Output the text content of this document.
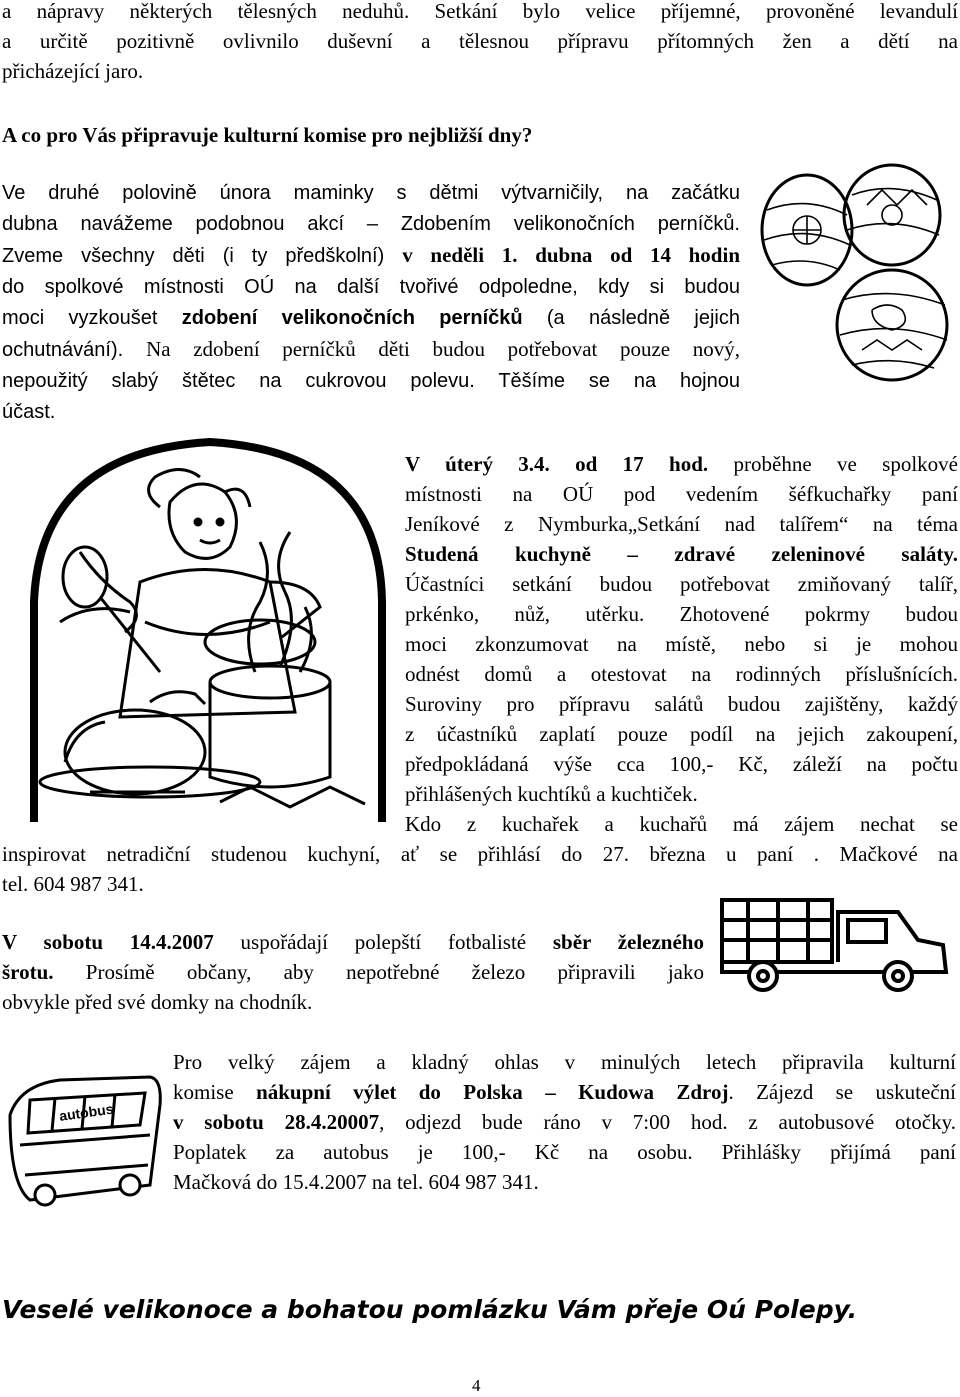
a nápravy některých tělesných neduhů. Setkání bylo velice příjemné, provoněné levandulí
a určitě pozitivně ovlivnilo duševní a tělesnou přípravu přítomných žen a dětí na
přicházející jaro.
A co pro Vás připravuje kulturní komise pro nejbližší dny?
Ve druhé polovině února maminky s dětmi výtvarničily, na začátku
dubna navážeme podobnou akcí – Zdobením velikonočních perníčků.
Zveme všechny děti (i ty předškolní) v neděli 1. dubna od 14 hodin
do spolkové místnosti OÚ na další tvořivé odpoledne, kdy si budou
moci vyzkoušet zdobení velikonočních perníčků (a následně jejich
ochutnávání). Na zdobení perníčků děti budou potřebovat pouze nový,
nepoužitý slabý štětec na cukrovou polevu. Těšíme se na hojnou
účast.
V úterý 3.4. od 17 hod. proběhne ve spolkové
místnosti na OÚ pod vedením šéfkuchařky paní
Jeníkové z Nymburka„Setkání nad talířem“ na téma
Studená kuchyně – zdravé zeleninové saláty.
Účastníci setkání budou potřebovat zmiňovaný talíř,
prkénko, nůž, utěrku. Zhotovené pokrmy budou
moci zkonzumovat na místě, nebo si je mohou
odnést domů a otestovat na rodinných příslušnících.
Suroviny pro přípravu salátů budou zajištěny, každý
z účastníků zaplatí pouze podíl na jejich zakoupení,
předpokládaná výše cca 100,- Kč, záleží na počtu
přihlášených kuchtíků a kuchtiček.
Kdo z kuchařek a kuchařů má zájem nechat se
inspirovat netradiční studenou kuchyní, ať se přihlásí do 27. března u paní . Mačkové na
tel. 604 987 341.
V sobotu 14.4.2007 uspořádají polepští fotbalisté sběr železného
šrotu. Prosímě občany, aby nepotřebné železo připravili jako
obvykle před své domky na chodník.
autobus
Pro velký zájem a kladný ohlas v minulých letech připravila kulturní
komise nákupní výlet do Polska – Kudowa Zdroj. Zájezd se uskuteční
v sobotu 28.4.20007, odjezd bude ráno v 7:00 hod. z autobusové otočky.
Poplatek za autobus je 100,- Kč na osobu. Přihlášky přijímá paní
Mačková do 15.4.2007 na tel. 604 987 341.
Veselé velikonoce a bohatou pomlázku Vám přeje Oú Polepy.
4
